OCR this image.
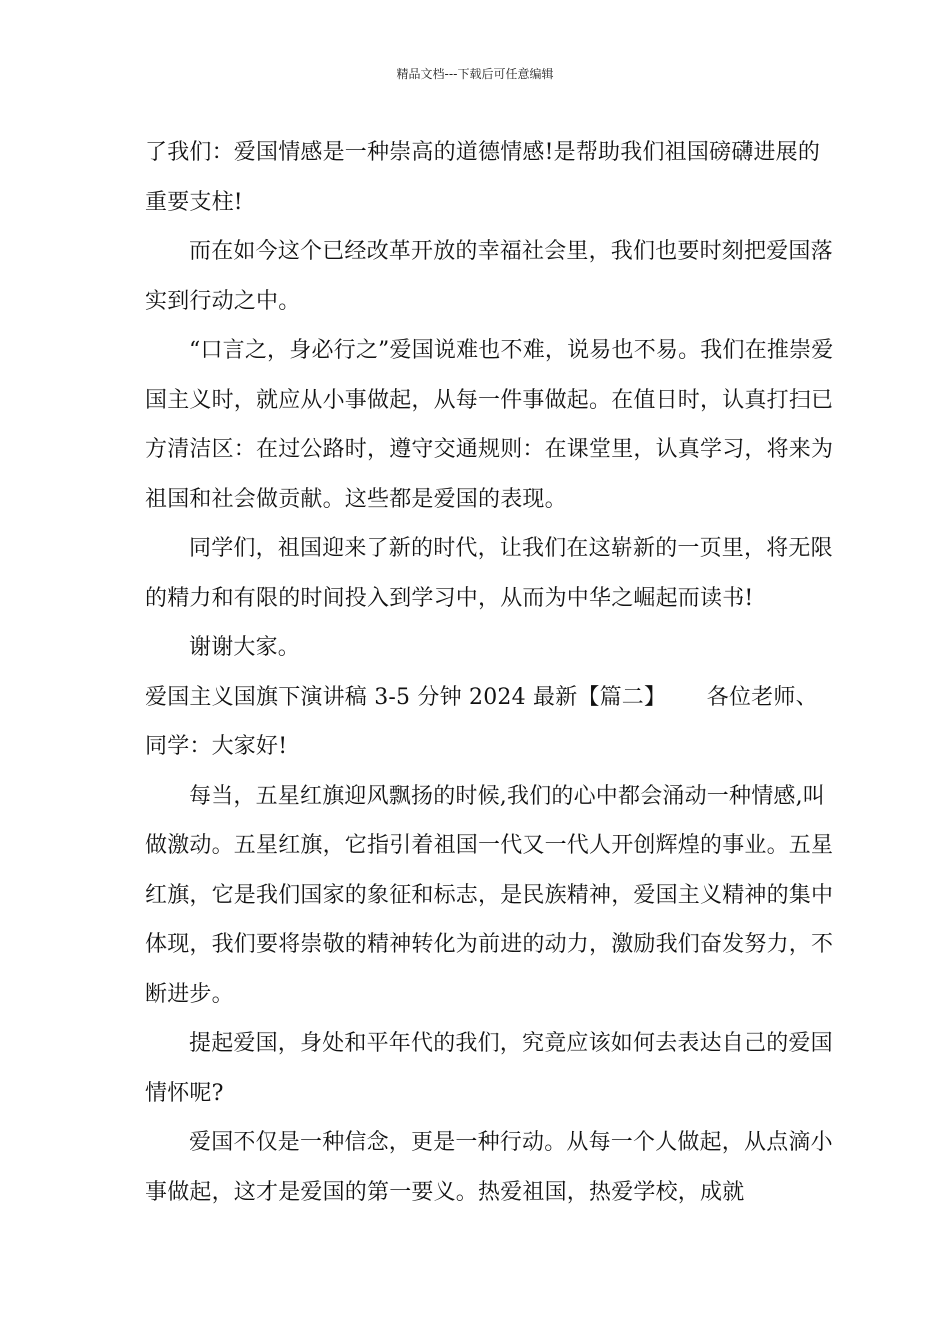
精品文档---下载后可任意编辑

了我们：爱国情感是一种崇高的道德情感!是帮助我们祖国磅礴进展的重要支柱!

而在如今这个已经改革开放的幸福社会里，我们也要时刻把爱国落实到行动之中。

“口言之，身必行之”爱国说难也不难，说易也不易。我们在推崇爱国主义时，就应从小事做起，从每一件事做起。在值日时，认真打扫已方清洁区：在过公路时，遵守交通规则：在课堂里，认真学习，将来为祖国和社会做贡献。这些都是爱国的表现。

同学们，祖国迎来了新的时代，让我们在这崭新的一页里，将无限的精力和有限的时间投入到学习中，从而为中华之崛起而读书!

谢谢大家。

爱国主义国旗下演讲稿 3-5 分钟 2024 最新【篇二】　　 各位老师、同学：大家好!

每当，五星红旗迎风飘扬的时候,我们的心中都会涌动一种情感,叫做激动。五星红旗，它指引着祖国一代又一代人开创辉煌的事业。五星红旗，它是我们国家的象征和标志，是民族精神，爱国主义精神的集中体现，我们要将崇敬的精神转化为前进的动力，激励我们奋发努力，不断进步。

提起爱国，身处和平年代的我们，究竟应该如何去表达自己的爱国情怀呢?

爱国不仅是一种信念，更是一种行动。从每一个人做起，从点滴小事做起，这才是爱国的第一要义。热爱祖国，热爱学校，成就
